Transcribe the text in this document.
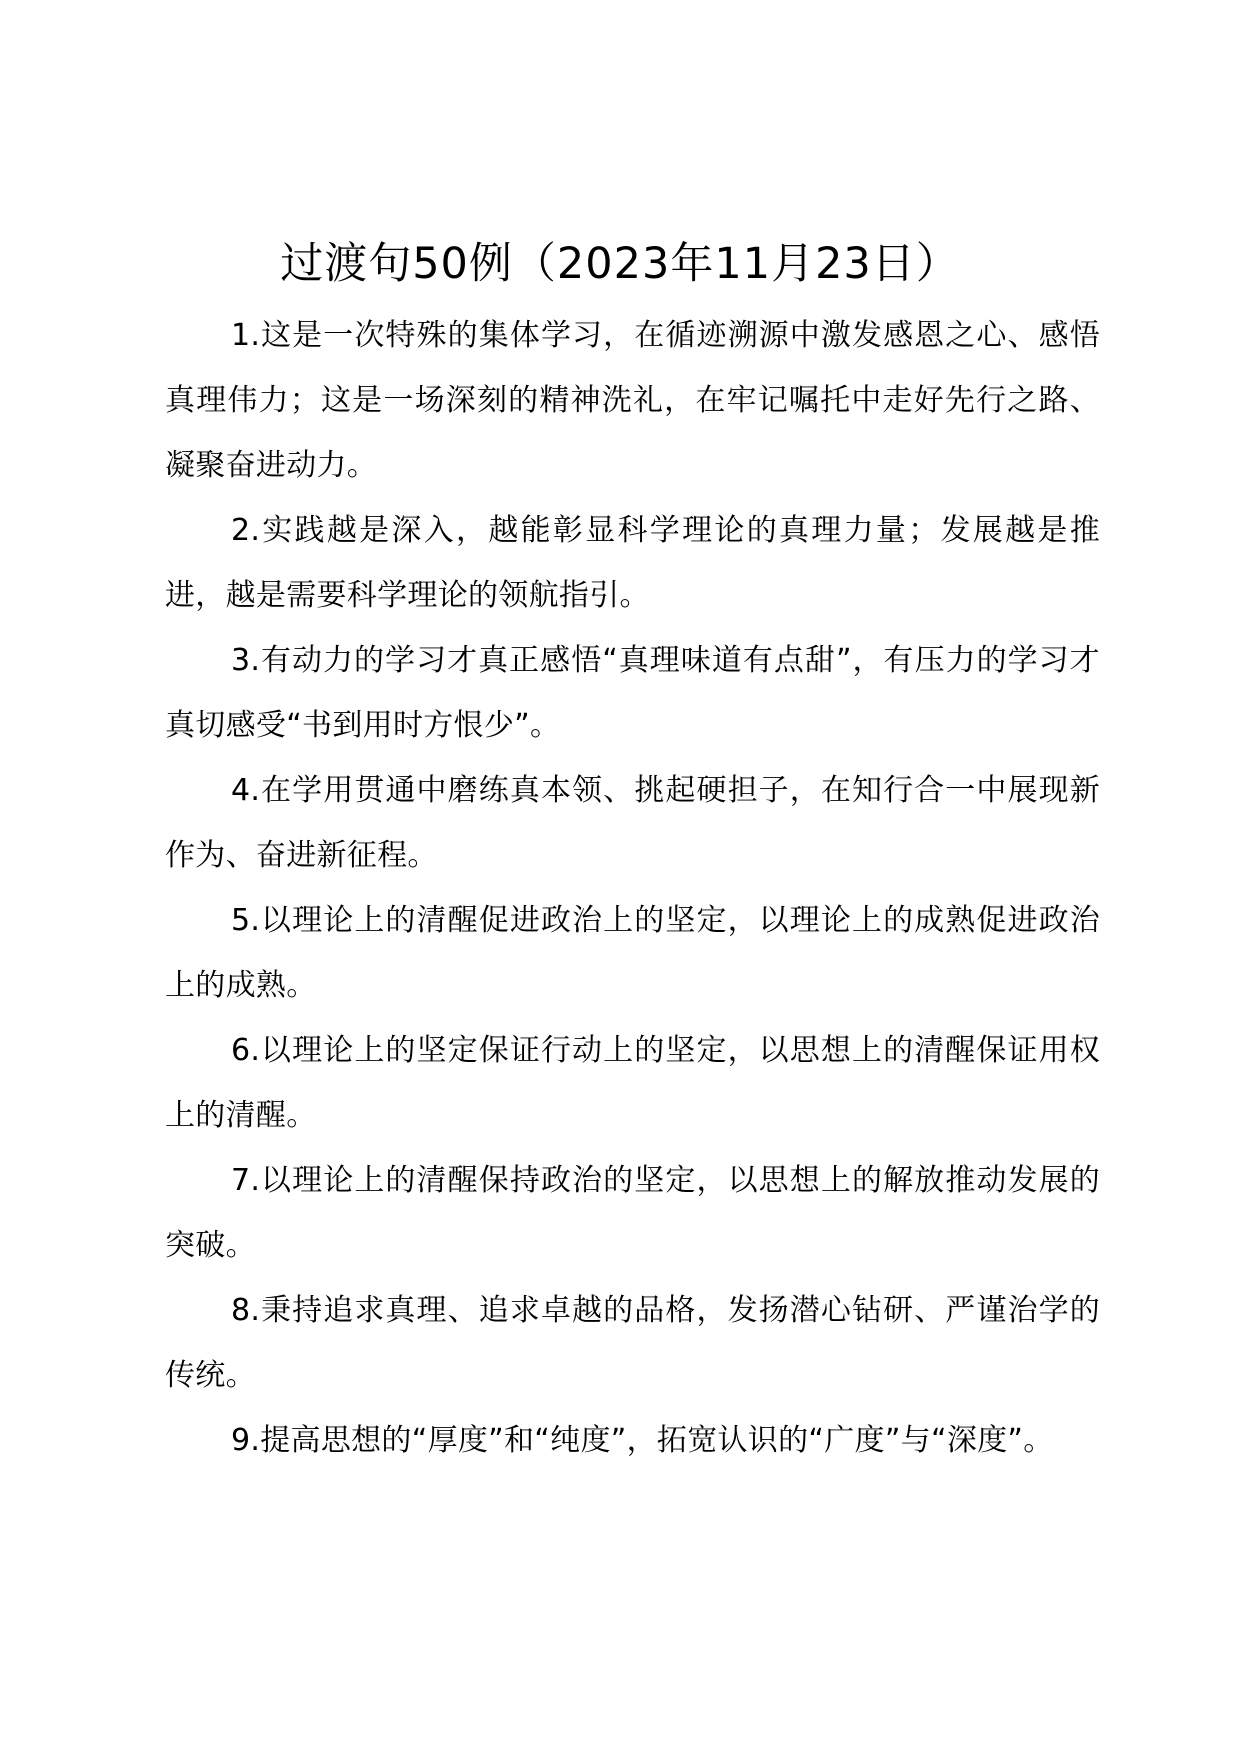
过渡句50例（2023年11月23日）

1.这是一次特殊的集体学习，在循迹溯源中激发感恩之心、感悟真理伟力；这是一场深刻的精神洗礼，在牢记嘱托中走好先行之路、凝聚奋进动力。

2.实践越是深入，越能彰显科学理论的真理力量；发展越是推进，越是需要科学理论的领航指引。

3.有动力的学习才真正感悟“真理味道有点甜”，有压力的学习才真切感受“书到用时方恨少”。

4.在学用贯通中磨练真本领、挑起硬担子，在知行合一中展现新作为、奋进新征程。

5.以理论上的清醒促进政治上的坚定，以理论上的成熟促进政治上的成熟。

6.以理论上的坚定保证行动上的坚定，以思想上的清醒保证用权上的清醒。

7.以理论上的清醒保持政治的坚定，以思想上的解放推动发展的突破。

8.秉持追求真理、追求卓越的品格，发扬潜心钻研、严谨治学的传统。

9.提高思想的“厚度”和“纯度”，拓宽认识的“广度”与“深度”。
